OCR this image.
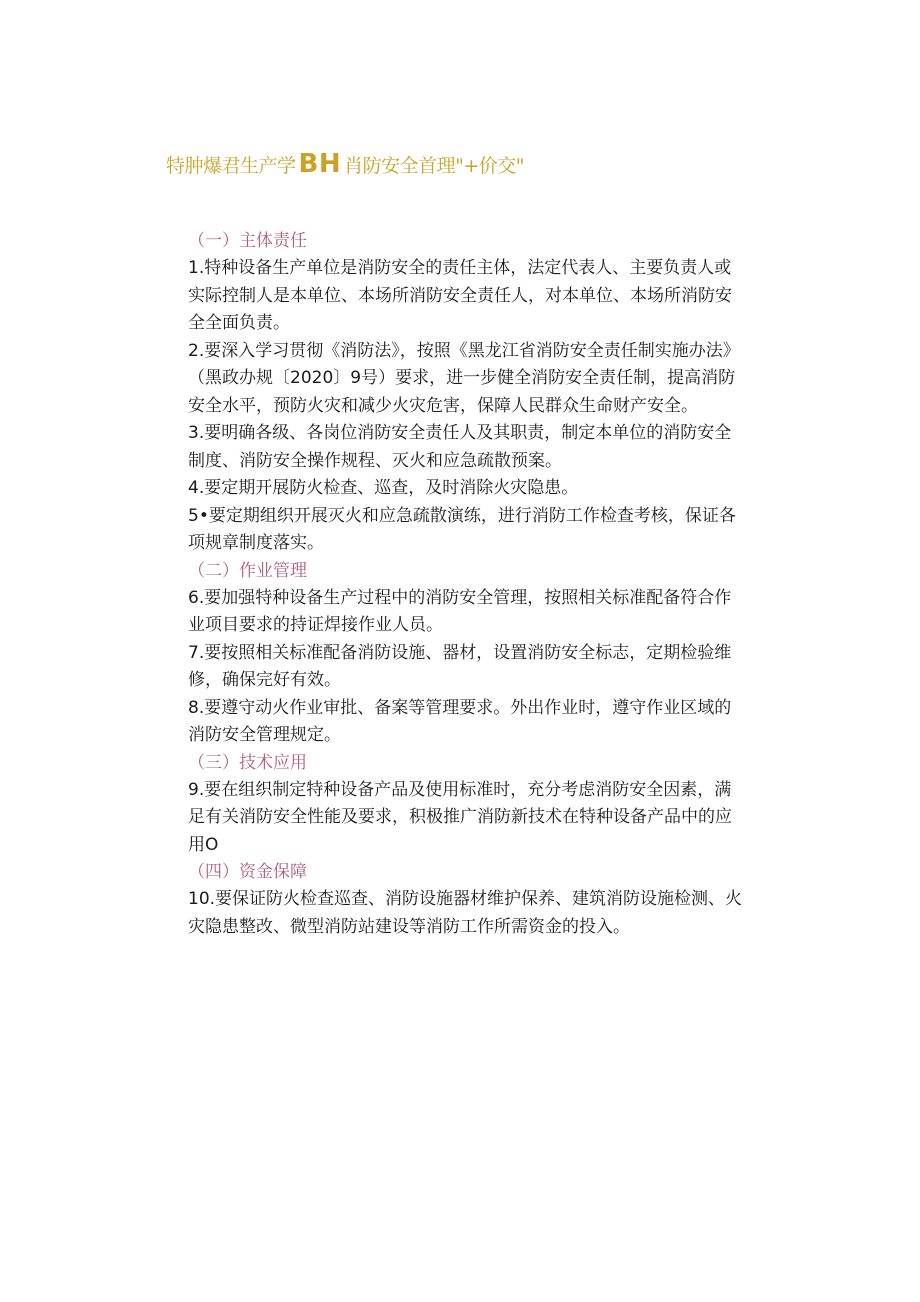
特肿爆君生产学 BH 肖防安全首理"+价交"

（一）主体责任

1.特种设备生产单位是消防安全的责任主体，法定代表人、主要负责人或实际控制人是本单位、本场所消防安全责任人，对本单位、本场所消防安全全面负责。

2.要深入学习贯彻《消防法》，按照《黑龙江省消防安全责任制实施办法》（黑政办规〔2020〕9号）要求，进一步健全消防安全责任制，提高消防安全水平，预防火灾和减少火灾危害，保障人民群众生命财产安全。

3.要明确各级、各岗位消防安全责任人及其职责，制定本单位的消防安全制度、消防安全操作规程、灭火和应急疏散预案。

4.要定期开展防火检查、巡查，及时消除火灾隐患。

5•要定期组织开展灭火和应急疏散演练，进行消防工作检查考核，保证各项规章制度落实。

（二）作业管理

6.要加强特种设备生产过程中的消防安全管理，按照相关标准配备符合作业项目要求的持证焊接作业人员。

7.要按照相关标准配备消防设施、器材，设置消防安全标志，定期检验维修，确保完好有效。

8.要遵守动火作业审批、备案等管理要求。外出作业时，遵守作业区域的消防安全管理规定。

（三）技术应用

9.要在组织制定特种设备产品及使用标准时，充分考虑消防安全因素，满足有关消防安全性能及要求，积极推广消防新技术在特种设备产品中的应用O

（四）资金保障

10.要保证防火检查巡查、消防设施器材维护保养、建筑消防设施检测、火灾隐患整改、微型消防站建设等消防工作所需资金的投入。
